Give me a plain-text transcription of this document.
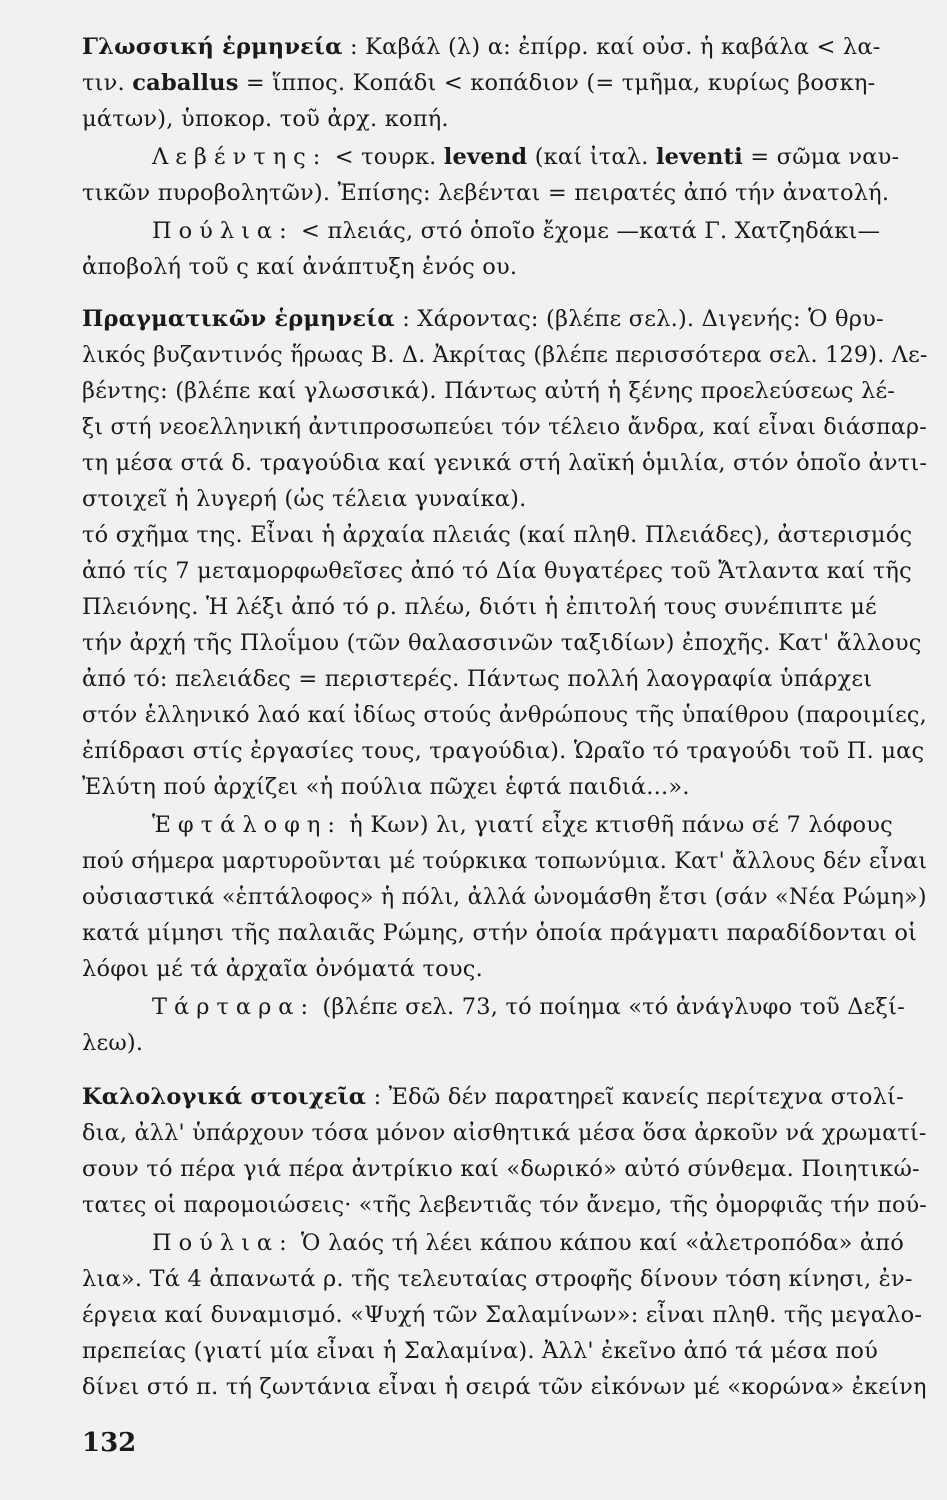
Γλωσσική ἑρμηνεία : Καβάλ (λ) α: ἐπίρρ. καί οὐσ. ἡ καβάλα < λα-
τιν. caballus = ἵππος. Κοπάδι < κοπάδιον (= τμῆμα, κυρίως βοσκη-
μάτων), ὑποκορ. τοῦ ἀρχ. κοπή.
Λεβέντης: < τουρκ. levend (καί ἰταλ. leventi = σῶμα ναυ-
τικῶν πυροβολητῶν). Ἐπίσης: λεβένται = πειρατές ἀπό τήν ἀνατολή.
Πούλια: < πλειάς, στό ὁποῖο ἔχομε —κατά Γ. Χατζηδάκι—
ἀποβολή τοῦ ς καί ἀνάπτυξη ἑνός ου.
Πραγματικῶν ἑρμηνεία : Χάροντας: (βλέπε σελ.). Διγενής: Ὁ θρυ-
λικός βυζαντινός ἥρωας Β. Δ. Ἀκρίτας (βλέπε περισσότερα σελ. 129). Λε-
βέντης: (βλέπε καί γλωσσικά). Πάντως αὐτή ἡ ξένης προελεύσεως λέ-
ξι στή νεοελληνική ἀντιπροσωπεύει τόν τέλειο ἄνδρα, καί εἶναι διάσπαρ-
τη μέσα στά δ. τραγούδια καί γενικά στή λαϊκή ὁμιλία, στόν ὁποῖο ἀντι-
στοιχεῖ ἡ λυγερή (ὡς τέλεια γυναίκα).
τό σχῆμα της. Εἶναι ἡ ἀρχαία πλειάς (καί πληθ. Πλειάδες), ἀστερισμός
ἀπό τίς 7 μεταμορφωθεῖσες ἀπό τό Δία θυγατέρες τοῦ Ἄτλαντα καί τῆς
Πλειόνης. Ἡ λέξι ἀπό τό ρ. πλέω, διότι ἡ ἐπιτολή τους συνέπιπτε μέ
τήν ἀρχή τῆς Πλοΐμου (τῶν θαλασσινῶν ταξιδίων) ἐποχῆς. Κατ' ἄλλους
ἀπό τό: πελειάδες = περιστερές. Πάντως πολλή λαογραφία ὑπάρχει
στόν ἑλληνικό λαό καί ἰδίως στούς ἀνθρώπους τῆς ὑπαίθρου (παροιμίες,
ἐπίδρασι στίς ἐργασίες τους, τραγούδια). Ὡραῖο τό τραγούδι τοῦ Π. μας
Ἐλύτη πού ἀρχίζει «ἡ πούλια πῶχει ἑφτά παιδιά...».
Ἑφτάλοφη: ἡ Κων) λι, γιατί εἶχε κτισθῆ πάνω σέ 7 λόφους
πού σήμερα μαρτυροῦνται μέ τούρκικα τοπωνύμια. Κατ' ἄλλους δέν εἶναι
οὐσιαστικά «ἑπτάλοφος» ἡ πόλι, ἀλλά ὠνομάσθη ἔτσι (σάν «Νέα Ρώμη»)
κατά μίμησι τῆς παλαιᾶς Ρώμης, στήν ὁποία πράγματι παραδίδονται οἱ
λόφοι μέ τά ἀρχαῖα ὀνόματά τους.
Τάρταρα: (βλέπε σελ. 73, τό ποίημα «τό ἀνάγλυφο τοῦ Δεξί-
λεω).
Καλολογικά στοιχεῖα : Ἐδῶ δέν παρατηρεῖ κανείς περίτεχνα στολί-
δια, ἀλλ' ὑπάρχουν τόσα μόνον αἰσθητικά μέσα ὅσα ἀρκοῦν νά χρωματί-
σουν τό πέρα γιά πέρα ἀντρίκιο καί «δωρικό» αὐτό σύνθεμα. Ποιητικώ-
τατες οἱ παρομοιώσεις· «τῆς λεβεντιᾶς τόν ἄνεμο, τῆς ὀμορφιᾶς τήν πού-
Πούλια: Ὁ λαός τή λέει κάπου κάπου καί «ἀλετροπόδα» ἀπό
λια». Τά 4 ἀπανωτά ρ. τῆς τελευταίας στροφῆς δίνουν τόση κίνησι, ἐν-
έργεια καί δυναμισμό. «Ψυχή τῶν Σαλαμίνων»: εἶναι πληθ. τῆς μεγαλο-
πρεπείας (γιατί μία εἶναι ἡ Σαλαμίνα). Ἀλλ' ἐκεῖνο ἀπό τά μέσα πού
δίνει στό π. τή ζωντάνια εἶναι ἡ σειρά τῶν εἰκόνων μέ «κορώνα» ἐκείνη
132
